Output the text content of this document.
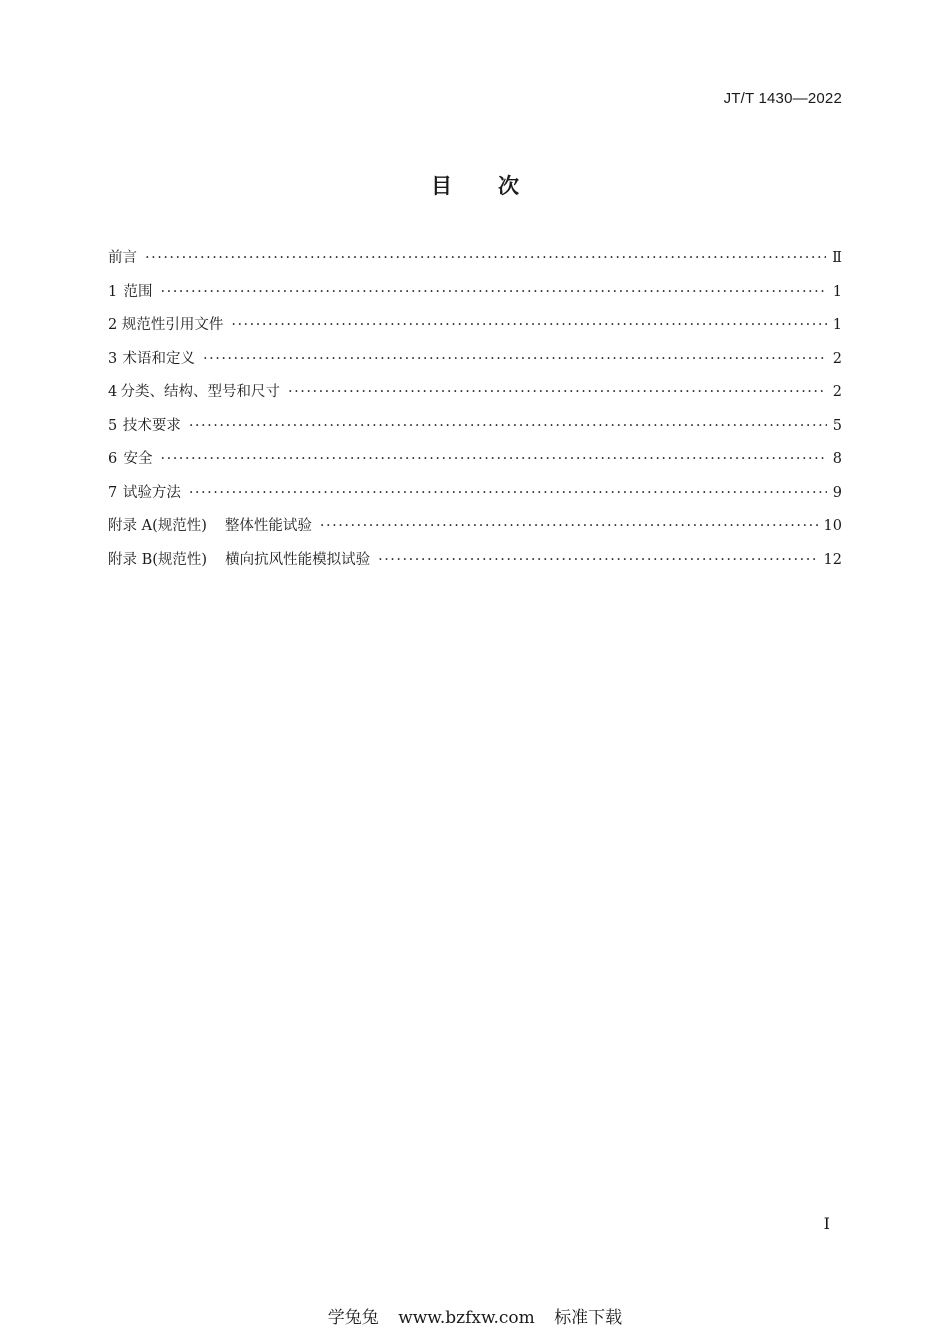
JT/T 1430—2022
目次
前言 ·····	Ⅱ
1 范围 ·····	1
2 规范性引用文件 ·····	1
3 术语和定义 ·····	2
4 分类、结构、型号和尺寸 ·····	2
5 技术要求 ·····	5
6 安全 ·····	8
7 试验方法 ·····	9
附录 A(规范性) 整体性能试验 ·····	10
附录 B(规范性) 横向抗风性能模拟试验 ·····	12
Ⅰ
学兔兔 www.bzfxw.com 标准下载
